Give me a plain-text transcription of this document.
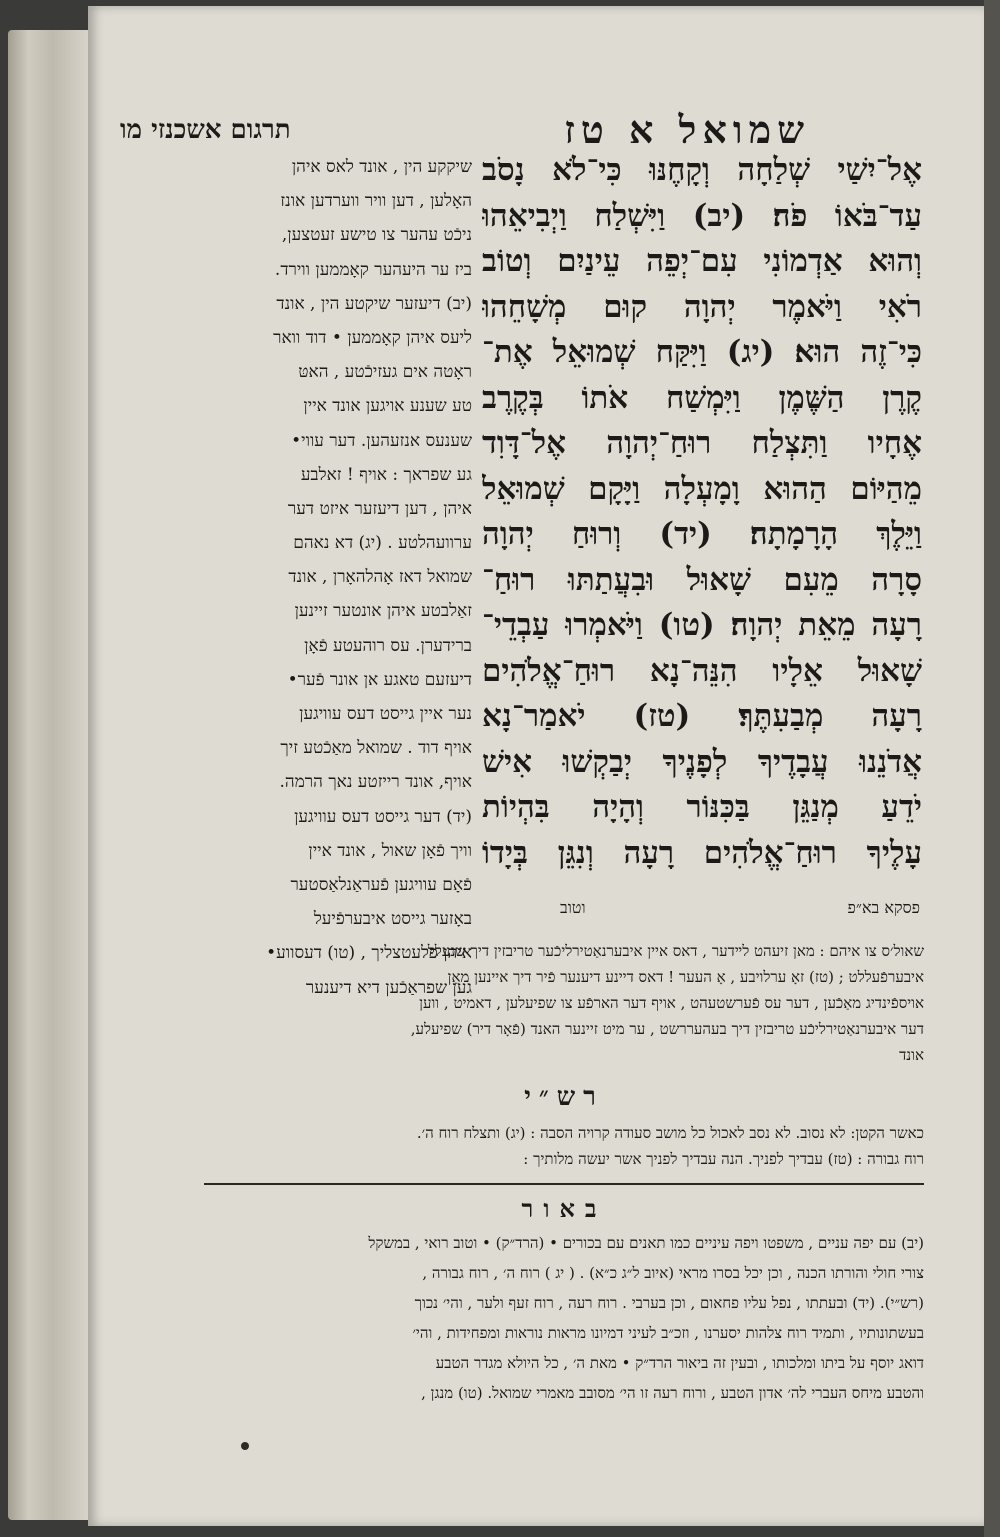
שמואל א טז
תרגום אשכנזי מו
אֶל־יִשַׁי שְׁלַחָה וְקָחֶנּוּ כִּי־לֹא נָסֹב
עַד־בֹּאוֹ פֹה׃ (יב) וַיִּשְׁלַח וַיְבִיאֵהוּ
וְהוּא אַדְמוֹנִי עִם־יְפֵה עֵינַיִם וְטוֹב
רֹאִי וַיֹּאמֶר יְהוָה קוּם מְשָׁחֵהוּ
כִּי־זֶה הוּא׃ (יג) וַיִּקַּח שְׁמוּאֵל אֶת־
קֶרֶן הַשֶּׁמֶן וַיִּמְשַׁח אֹתוֹ בְּקֶרֶב
אֶחָיו וַתִּצְלַח רוּחַ־יְהוָה אֶל־דָּוִד
מֵהַיּוֹם הַהוּא וָמָעְלָה וַיָּקָם שְׁמוּאֵל
וַיֵּלֶךְ הָרָמָתָה׃ (יד) וְרוּחַ יְהוָה
סָרָה מֵעִם שָׁאוּל וּבִעֲתַתּוּ רוּחַ־
רָעָה מֵאֵת יְהוָה׃ (טו) וַיֹּאמְרוּ עַבְדֵי־
שָׁאוּל אֵלָיו הִנֵּה־נָא רוּחַ־אֱלֹהִים
רָעָה מְבַעִתֶּךָ׃ (טז) יֹאמַר־נָא
אֲדֹנֵנוּ עֲבָדֶיךָ לְפָנֶיךָ יְבַקְשׁוּ אִישׁ
יֹדֵעַ מְנַגֵּן בַּכִּנּוֹר וְהָיָה בִּהְיוֹת
עָלֶיךָ רוּחַ־אֱלֹהִים רָעָה וְנִגֵּן בְּיָדוֹ
שיקקע הין , אונד לאס איהן
האָלען , דען וויר ווערדען אונז
ניכֿט עהער צו טישע זעטצען,
ביז ער היעהער קאָממען ווירד.
(יב) דיעזער שיקטע הין , אונד
ליעס איהן קאָממען • דוד וואר
ראָטה אים געזיכֿטע , האטּ
טע שענע אויגען אונד איין
שענעס אנזעהען. דער עווי•
גע שפראך : אויף ! זאלבע
איהן , דען דיעזער איזט דער
ערוועהלטע . (יג) דא נאהם
שמואל דאז אָהלהאָרן , אונד
זאַלבטע איהן אונטער זיינען
ברידערן. עס רוהעטע פֿאָן
דיעזעם טאגע אן אונר פֿער•
נער איין גייסט דעס עוויגען
אויף דוד . שמואל מאַכֿטע זיך
אויף, אונד רייזטע נאך הרמה.
(יד) דער גייסט דעס עוויגען
וויך פֿאָן שאול , אונד איין
פֿאָם עוויגען פֿעראַנלאַסטער
באָזער גייסט איבערפֿיעל
איהן פלעטצליך , (טו) דעסווע•
גען שפראַכֿען דיא דיענער
פסקא בא״פ
וטוב
שאול׳ס צו איהם : מאן זיעהט לײדער , דאס איין איבערנאַטירליכֿער טריבזין דיך שנעלל
איבערפֿעללט ; (טז) זאָ ערלויבע , אָ העער ! דאס דיינע דיענער פֿיר דיך איינען מאַן
אויספֿינדיג מאַכֿען , דער עס פֿערשטעהט , אויף דער הארפֿע צו שפיעלען , דאמיט , ווען
דער איבערנאַטירליכֿע טריבזין דיך בעהעררשט , ער מיט זיינער האנד (פֿאָר דיר) שפיעלע,
אונד
רש״י
כאשר הקטן: לא נסוב. לא נסב לאכול כל מושב סעודה קרויה הסבה : (יג) ותצלח רוח ה׳.
רוח גבורה : (טז) עבדיך לפניך. הנה עבדיך לפניך אשר יעשה מלותיך :
באור
(יב) עם יפה עניים , משפטו ויפה עיניים כמו תאנים עם בכורים • (הרד״ק) • וטוב רואי , במשקל
צורי חולי והורתו הכנה , וכן יכל בסרו מראי (איוב ל״ג כ״א) . ( יג ) רוח ה׳ , רוח גבורה ,
(רש״י). (יד) ובעתתו , נפל עליו פחאום , וכן בערבי . רוח רעה , רוח זעף ולער , והי׳ נכוך
בעשתונותיו , ותמיד רוח צלהות יסערנו , וזכ״ב לעיני דמיונו מראות נוראות ומפחידות , והי׳
דואג יוסף על ביתו ומלכותו , ובעין זה ביאור הרד״ק • מאת ה׳ , כל היולא מגדר הטבע
והטבע מיחס העברי לה׳ אדון הטבע , ורוח רעה זו הי׳ מסובב מאמרי שמואל. (טו) מנגן ,
